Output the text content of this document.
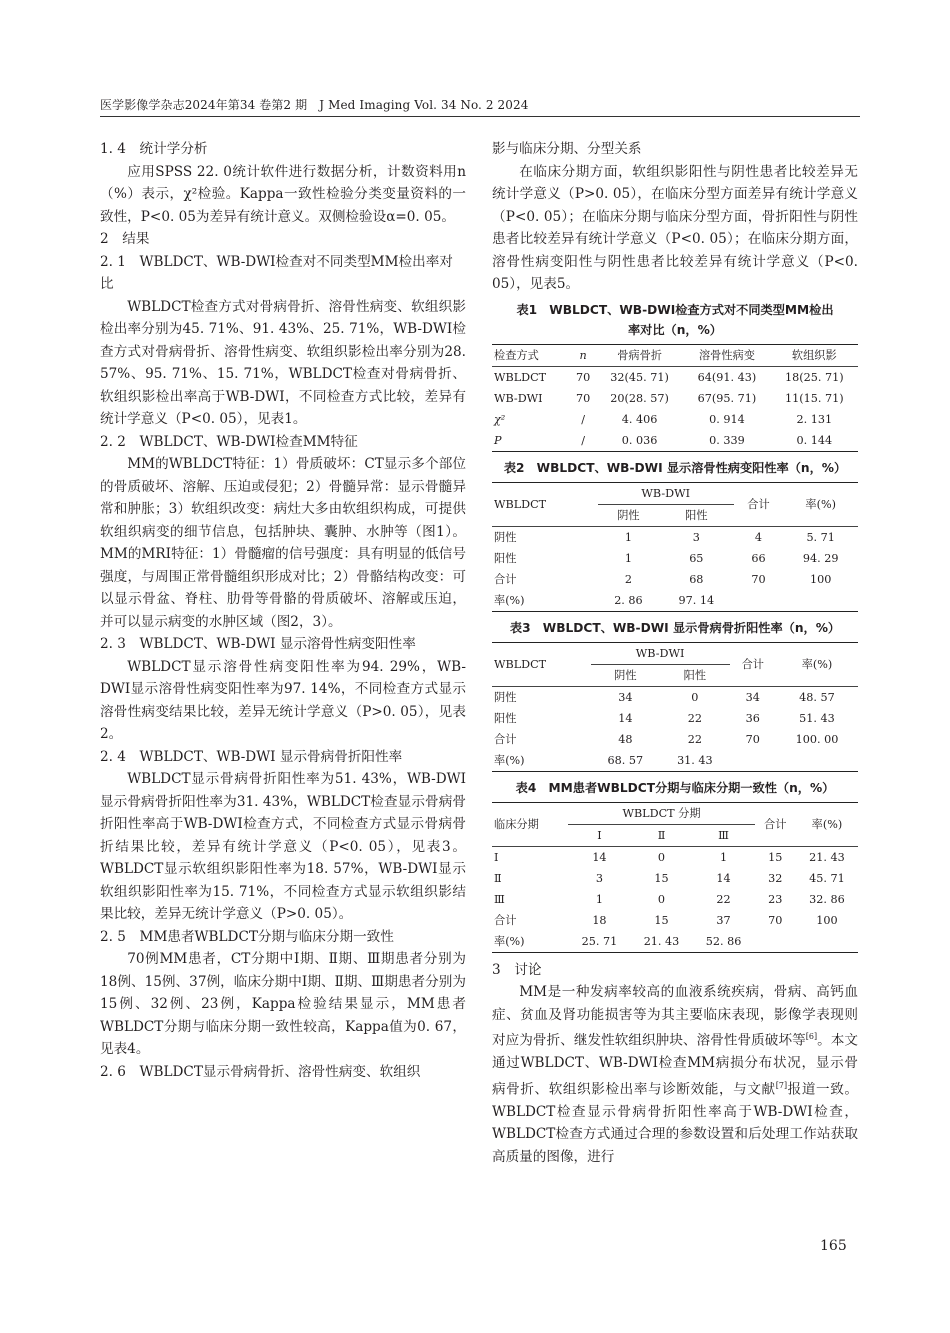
医学影像学杂志2024年第34 卷第2 期　J Med Imaging Vol. 34 No. 2 2024

1. 4　统计学分析

应用SPSS 22. 0统计软件进行数据分析，计数资料用n（%）表示，χ²检验。Kappa一致性检验分类变量资料的一致性，P<0. 05为差异有统计意义。双侧检验设α=0. 05。

2　结果

2. 1　WBLDCT、WB-DWI检查对不同类型MM检出率对比

WBLDCT检查方式对骨病骨折、溶骨性病变、软组织影检出率分别为45. 71%、91. 43%、25. 71%，WB-DWI检查方式对骨病骨折、溶骨性病变、软组织影检出率分别为28. 57%、95. 71%、15. 71%，WBLDCT检查对骨病骨折、软组织影检出率高于WB-DWI，不同检查方式比较，差异有统计学意义（P<0. 05），见表1。

2. 2　WBLDCT、WB-DWI检查MM特征

MM的WBLDCT特征：1）骨质破坏：CT显示多个部位的骨质破坏、溶解、压迫或侵犯；2）骨髓异常：显示骨髓异常和肿胀；3）软组织改变：病灶大多由软组织构成，可提供软组织病变的细节信息，包括肿块、囊肿、水肿等（图1）。MM的MRI特征：1）骨髓瘤的信号强度：具有明显的低信号强度，与周围正常骨髓组织形成对比；2）骨骼结构改变：可以显示骨盆、脊柱、肋骨等骨骼的骨质破坏、溶解或压迫，并可以显示病变的水肿区域（图2，3）。

2. 3　WBLDCT、WB-DWI 显示溶骨性病变阳性率

WBLDCT显示溶骨性病变阳性率为94. 29%，WB-DWI显示溶骨性病变阳性率为97. 14%，不同检查方式显示溶骨性病变结果比较，差异无统计学意义（P>0. 05），见表2。

2. 4　WBLDCT、WB-DWI 显示骨病骨折阳性率

WBLDCT显示骨病骨折阳性率为51. 43%，WB-DWI显示骨病骨折阳性率为31. 43%，WBLDCT检查显示骨病骨折阳性率高于WB-DWI检查方式，不同检查方式显示骨病骨折结果比较，差异有统计学意义（P<0. 05），见表3。WBLDCT显示软组织影阳性率为18. 57%，WB-DWI显示软组织影阳性率为15. 71%，不同检查方式显示软组织影结果比较，差异无统计学意义（P>0. 05）。

2. 5　MM患者WBLDCT分期与临床分期一致性

70例MM患者，CT分期中Ⅰ期、Ⅱ期、Ⅲ期患者分别为18例、15例、37例，临床分期中Ⅰ期、Ⅱ期、Ⅲ期患者分别为15例、32例、23例，Kappa检验结果显示，MM患者WBLDCT分期与临床分期一致性较高，Kappa值为0. 67，见表4。

2. 6　WBLDCT显示骨病骨折、溶骨性病变、软组织

影与临床分期、分型关系

在临床分期方面，软组织影阳性与阴性患者比较差异无统计学意义（P>0. 05），在临床分型方面差异有统计学意义（P<0. 05）；在临床分期与临床分型方面，骨折阳性与阴性患者比较差异有统计学意义（P<0. 05）；在临床分期方面，溶骨性病变阳性与阴性患者比较差异有统计学意义（P<0. 05），见表5。

表1　WBLDCT、WB-DWI检查方式对不同类型MM检出
率对比（n，%）
检查方式	n	骨病骨折	溶骨性病变	软组织影
WBLDCT	70	32(45. 71)	64(91. 43)	18(25. 71)
WB-DWI	70	20(28. 57)	67(95. 71)	11(15. 71)
χ²	/	4. 406	0. 914	2. 131
P	/	0. 036	0. 339	0. 144
表2　WBLDCT、WB-DWI 显示溶骨性病变阳性率（n，%）
WBLDCT	WB-DWI		合计	率(%)
	阴性	阳性		
阴性	1	3	4	5. 71
阳性	1	65	66	94. 29
合计	2	68	70	100
率(%)	2. 86	97. 14		
表3　WBLDCT、WB-DWI 显示骨病骨折阳性率（n，%）
WBLDCT	WB-DWI		合计	率(%)
	阴性	阳性		
阴性	34	0	34	48. 57
阳性	14	22	36	51. 43
合计	48	22	70	100. 00
率(%)	68. 57	31. 43		
表4　MM患者WBLDCT分期与临床分期一致性（n，%）
临床分期	WBLDCT 分期			合计	率(%)
	Ⅰ	Ⅱ	Ⅲ		
Ⅰ	14	0	1	15	21. 43
Ⅱ	3	15	14	32	45. 71
Ⅲ	1	0	22	23	32. 86
合计	18	15	37	70	100
率(%)	25. 71	21. 43	52. 86		

3　讨论

MM是一种发病率较高的血液系统疾病，骨病、高钙血症、贫血及肾功能损害等为其主要临床表现，影像学表现则对应为骨折、继发性软组织肿块、溶骨性骨质破坏等[6]。本文通过WBLDCT、WB-DWI检查MM病损分布状况，显示骨病骨折、软组织影检出率与诊断效能，与文献[7]报道一致。WBLDCT检查显示骨病骨折阳性率高于WB-DWI检查，WBLDCT检查方式通过合理的参数设置和后处理工作站获取高质量的图像，进行

165
